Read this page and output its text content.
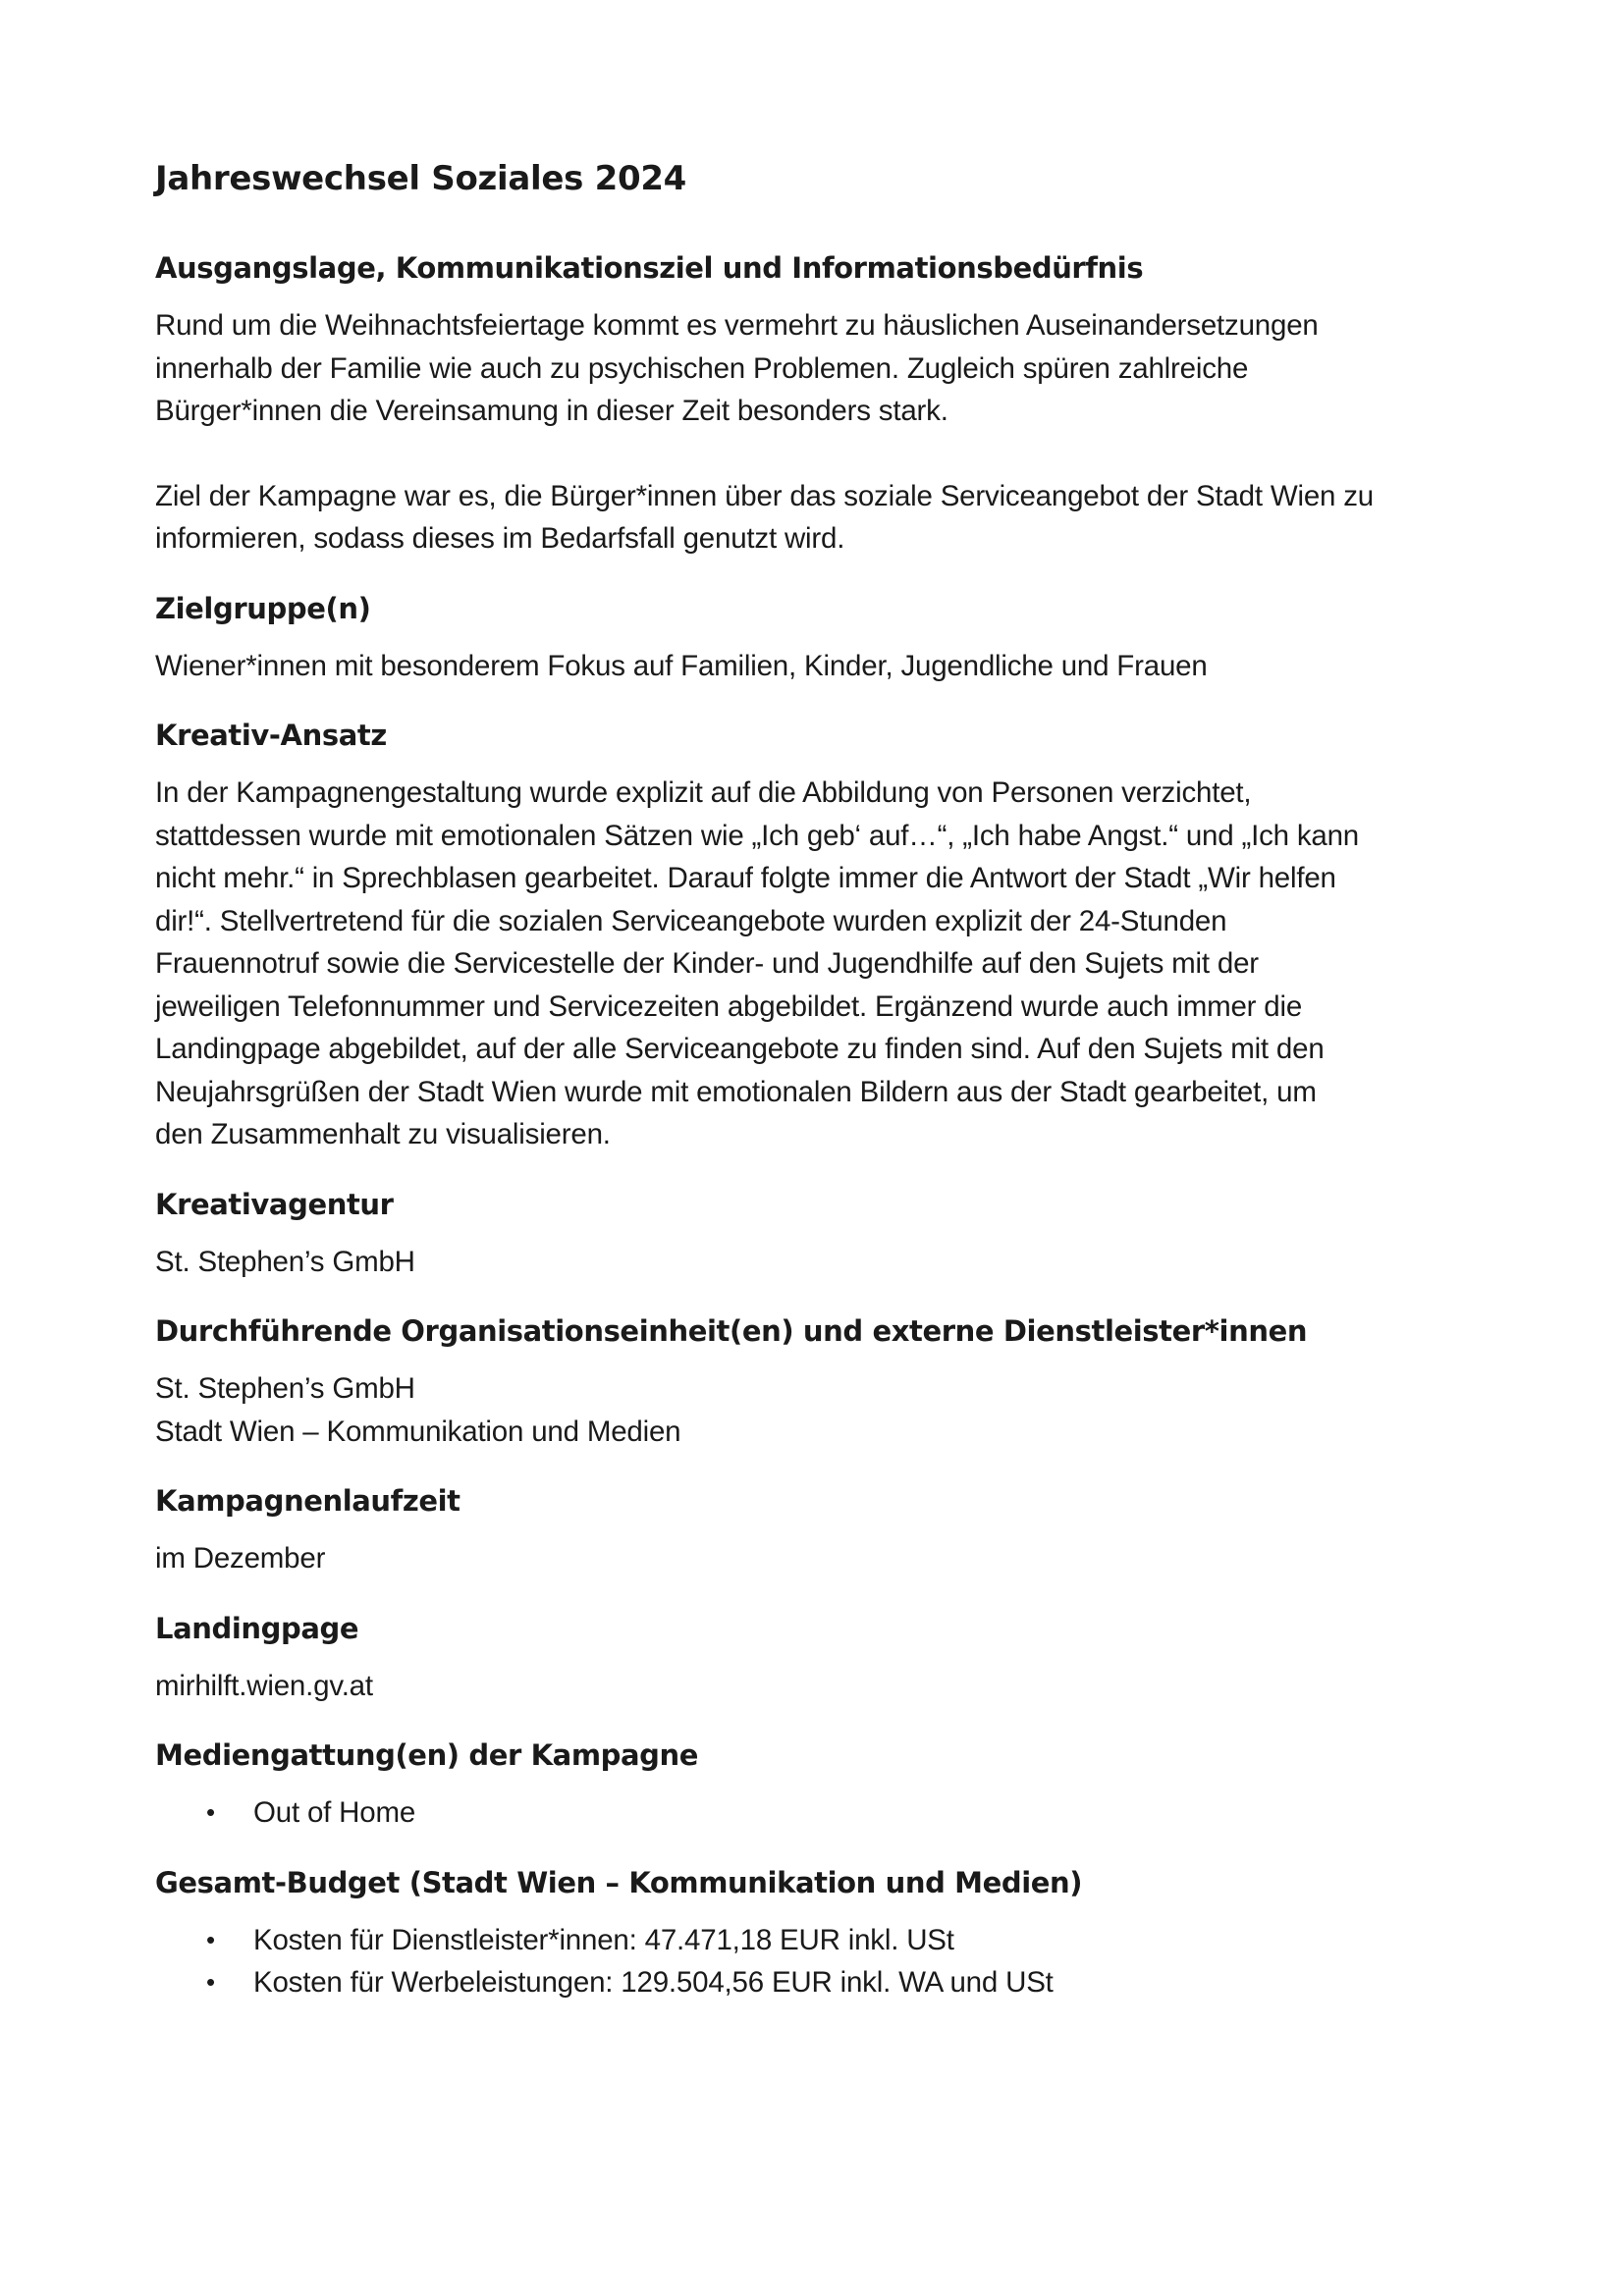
Jahreswechsel Soziales 2024
Ausgangslage, Kommunikationsziel und Informationsbedürfnis

Rund um die Weihnachtsfeiertage kommt es vermehrt zu häuslichen Auseinandersetzungen
innerhalb der Familie wie auch zu psychischen Problemen. Zugleich spüren zahlreiche
Bürger*innen die Vereinsamung in dieser Zeit besonders stark.

Ziel der Kampagne war es, die Bürger*innen über das soziale Serviceangebot der Stadt Wien zu
informieren, sodass dieses im Bedarfsfall genutzt wird.

Zielgruppe(n)

Wiener*innen mit besonderem Fokus auf Familien, Kinder, Jugendliche und Frauen

Kreativ-Ansatz

In der Kampagnengestaltung wurde explizit auf die Abbildung von Personen verzichtet,
stattdessen wurde mit emotionalen Sätzen wie „Ich geb‘ auf…“, „Ich habe Angst.“ und „Ich kann
nicht mehr.“ in Sprechblasen gearbeitet. Darauf folgte immer die Antwort der Stadt „Wir helfen
dir!“. Stellvertretend für die sozialen Serviceangebote wurden explizit der 24-Stunden
Frauennotruf sowie die Servicestelle der Kinder- und Jugendhilfe auf den Sujets mit der
jeweiligen Telefonnummer und Servicezeiten abgebildet. Ergänzend wurde auch immer die
Landingpage abgebildet, auf der alle Serviceangebote zu finden sind. Auf den Sujets mit den
Neujahrsgrüßen der Stadt Wien wurde mit emotionalen Bildern aus der Stadt gearbeitet, um
den Zusammenhalt zu visualisieren.

Kreativagentur

St. Stephen’s GmbH

Durchführende Organisationseinheit(en) und externe Dienstleister*innen

St. Stephen’s GmbH
Stadt Wien – Kommunikation und Medien

Kampagnenlaufzeit

im Dezember

Landingpage

mirhilft.wien.gv.at

Mediengattung(en) der Kampagne
• Out of Home
Gesamt-Budget (Stadt Wien – Kommunikation und Medien)
• Kosten für Dienstleister*innen: 47.471,18 EUR inkl. USt
• Kosten für Werbeleistungen: 129.504,56 EUR inkl. WA und USt
